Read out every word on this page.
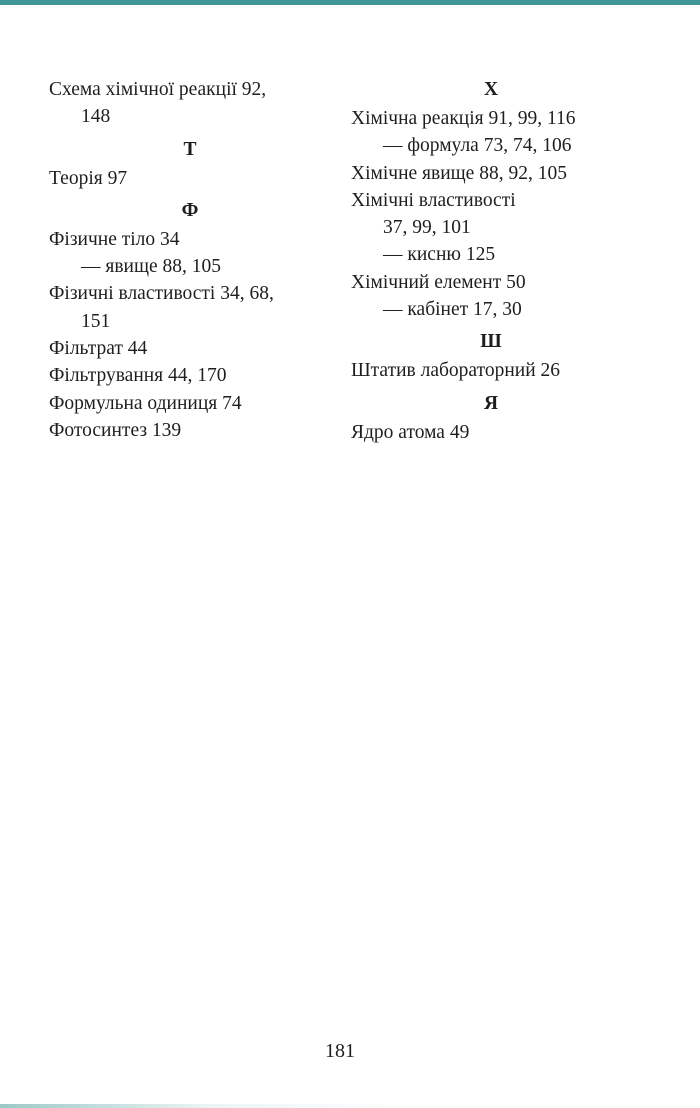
Схема хімічної реакції 92,
148
Т
Теорія 97
Ф
Фізичне тіло 34
— явище 88, 105
Фізичні властивості 34, 68,
151
Фільтрат 44
Фільтрування 44, 170
Формульна одиниця 74
Фотосинтез 139
Х
Хімічна реакція 91, 99, 116
— формула 73, 74, 106
Хімічне явище 88, 92, 105
Хімічні властивості
37, 99, 101
— кисню 125
Хімічний елемент 50
— кабінет 17, 30
Ш
Штатив лабораторний 26
Я
Ядро атома 49
181
